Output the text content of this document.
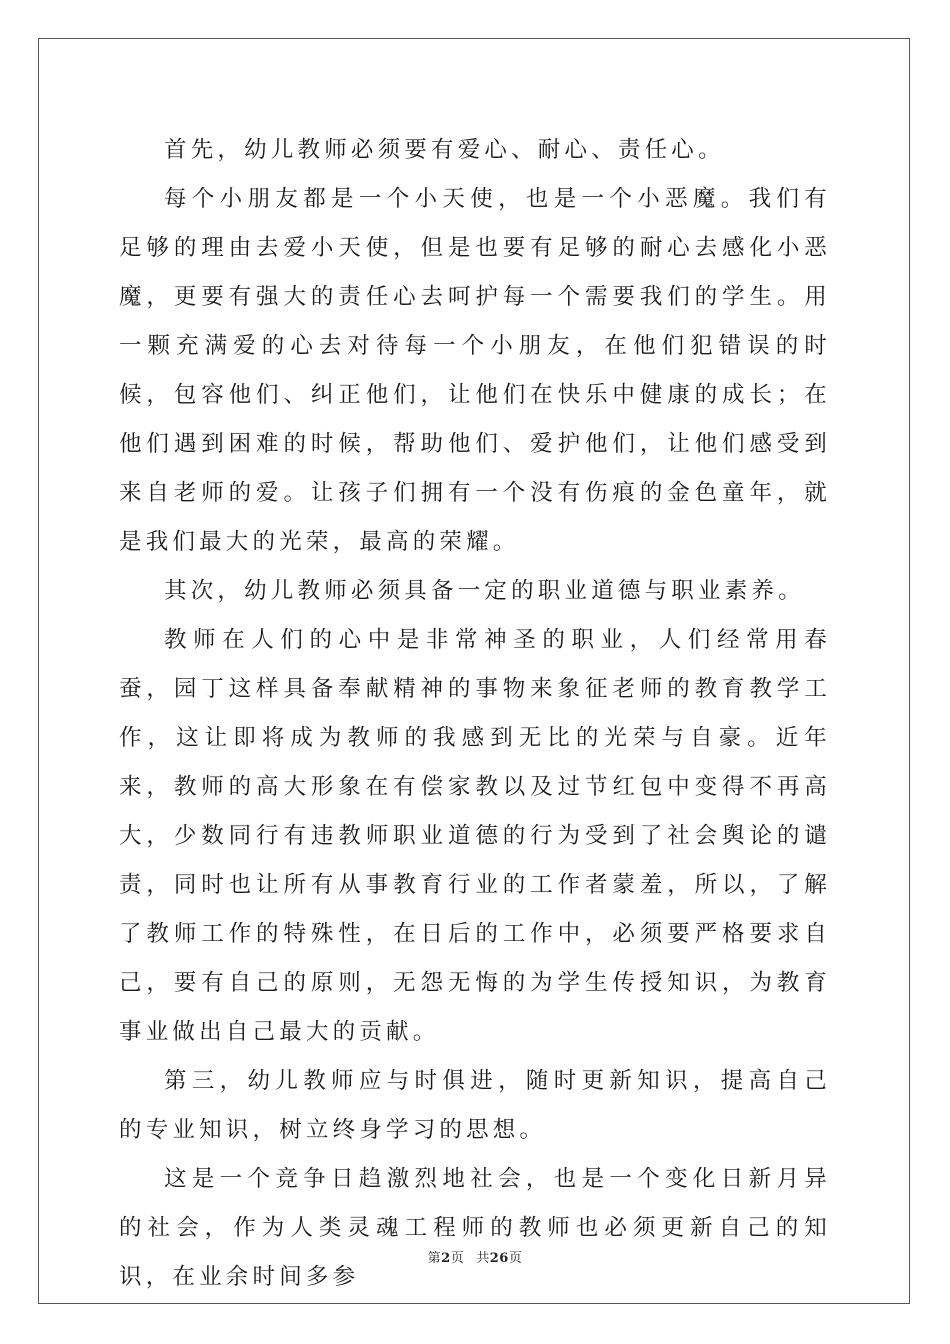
首先，幼儿教师必须要有爱心、耐心、责任心。

每个小朋友都是一个小天使，也是一个小恶魔。我们有足够的理由去爱小天使，但是也要有足够的耐心去感化小恶魔，更要有强大的责任心去呵护每一个需要我们的学生。用一颗充满爱的心去对待每一个小朋友，在他们犯错误的时候，包容他们、纠正他们，让他们在快乐中健康的成长；在他们遇到困难的时候，帮助他们、爱护他们，让他们感受到来自老师的爱。让孩子们拥有一个没有伤痕的金色童年，就是我们最大的光荣，最高的荣耀。

其次，幼儿教师必须具备一定的职业道德与职业素养。

教师在人们的心中是非常神圣的职业，人们经常用春蚕，园丁这样具备奉献精神的事物来象征老师的教育教学工作，这让即将成为教师的我感到无比的光荣与自豪。近年来，教师的高大形象在有偿家教以及过节红包中变得不再高大，少数同行有违教师职业道德的行为受到了社会舆论的谴责，同时也让所有从事教育行业的工作者蒙羞，所以，了解了教师工作的特殊性，在日后的工作中，必须要严格要求自己，要有自己的原则，无怨无悔的为学生传授知识，为教育事业做出自己最大的贡献。

第三，幼儿教师应与时俱进，随时更新知识，提高自己的专业知识，树立终身学习的思想。

这是一个竞争日趋激烈地社会，也是一个变化日新月异的社会，作为人类灵魂工程师的教师也必须更新自己的知识，在业余时间多参

第2页 共26页
